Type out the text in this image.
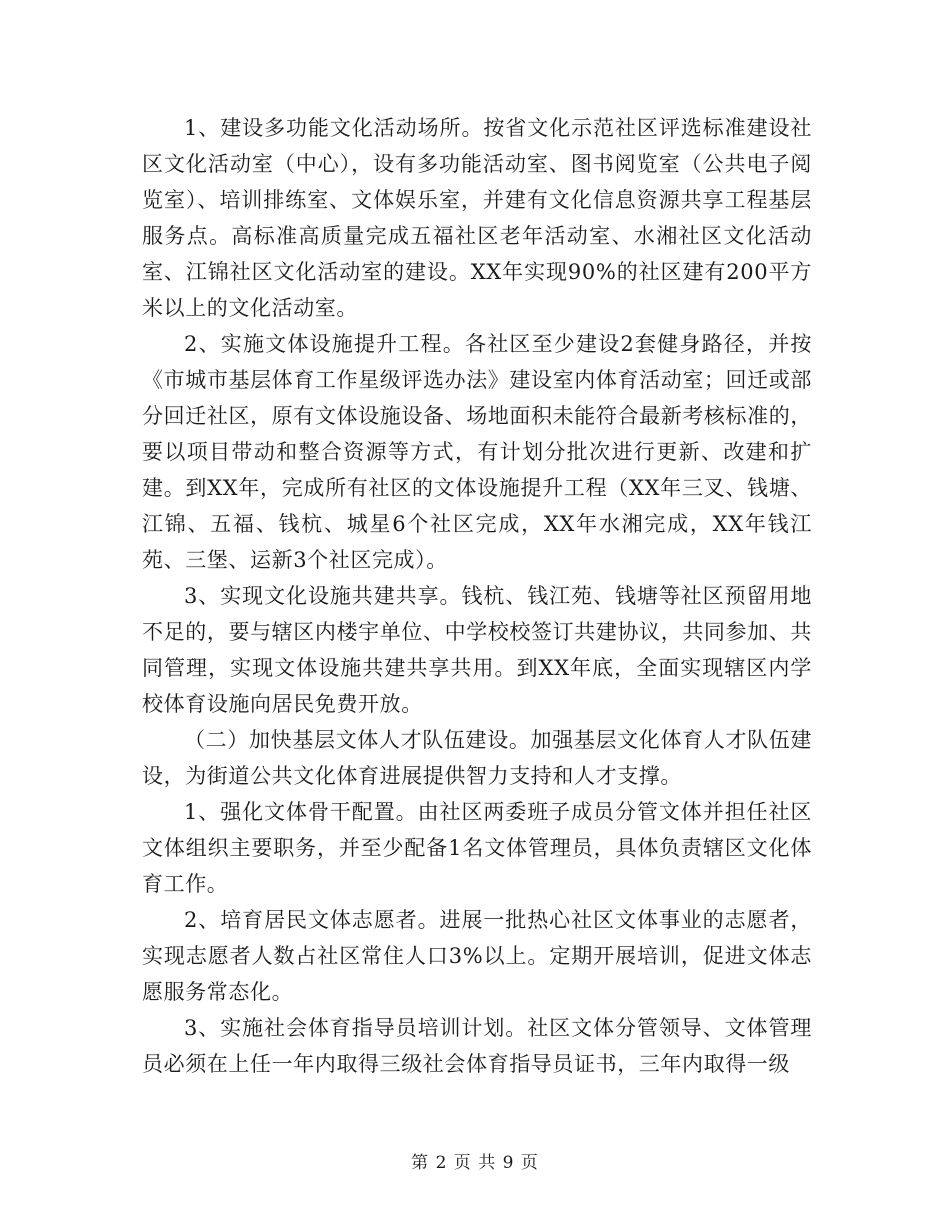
1、建设多功能文化活动场所。按省文化示范社区评选标准建设社区文化活动室（中心），设有多功能活动室、图书阅览室（公共电子阅览室）、培训排练室、文体娱乐室，并建有文化信息资源共享工程基层服务点。高标准高质量完成五福社区老年活动室、水湘社区文化活动室、江锦社区文化活动室的建设。XX年实现90%的社区建有200平方米以上的文化活动室。

2、实施文体设施提升工程。各社区至少建设2套健身路径，并按《市城市基层体育工作星级评选办法》建设室内体育活动室；回迁或部分回迁社区，原有文体设施设备、场地面积未能符合最新考核标准的，要以项目带动和整合资源等方式，有计划分批次进行更新、改建和扩建。到XX年，完成所有社区的文体设施提升工程（XX年三叉、钱塘、江锦、五福、钱杭、城星6个社区完成，XX年水湘完成，XX年钱江苑、三堡、运新3个社区完成）。

3、实现文化设施共建共享。钱杭、钱江苑、钱塘等社区预留用地不足的，要与辖区内楼宇单位、中学校校签订共建协议，共同参加、共同管理，实现文体设施共建共享共用。到XX年底，全面实现辖区内学校体育设施向居民免费开放。

（二）加快基层文体人才队伍建设。加强基层文化体育人才队伍建设，为街道公共文化体育进展提供智力支持和人才支撑。

1、强化文体骨干配置。由社区两委班子成员分管文体并担任社区文体组织主要职务，并至少配备1名文体管理员，具体负责辖区文化体育工作。

2、培育居民文体志愿者。进展一批热心社区文体事业的志愿者，实现志愿者人数占社区常住人口3%以上。定期开展培训，促进文体志愿服务常态化。

3、实施社会体育指导员培训计划。社区文体分管领导、文体管理员必须在上任一年内取得三级社会体育指导员证书，三年内取得一级

第 2 页 共 9 页
